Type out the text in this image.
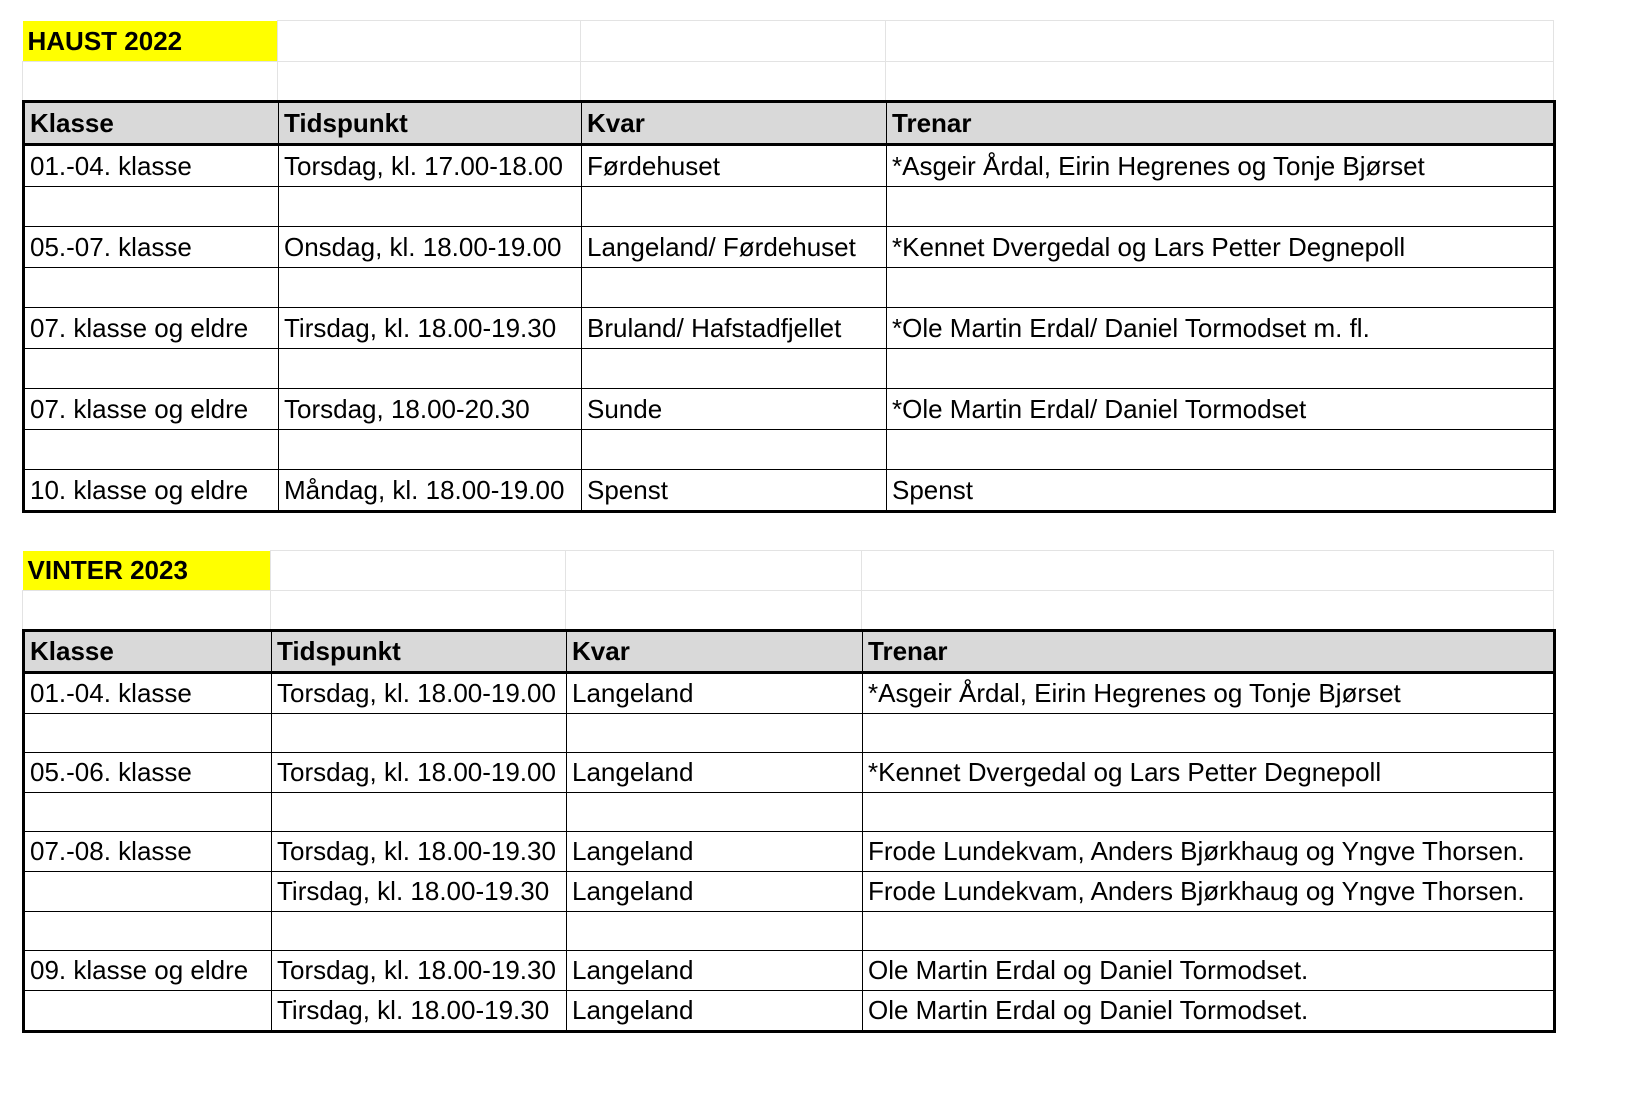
HAUST 2022			

Klasse	Tidspunkt	Kvar	Trenar
01.-04. klasse	Torsdag, kl. 17.00-18.00	Førdehuset	*Asgeir Årdal, Eirin Hegrenes og Tonje Bjørset

05.-07. klasse	Onsdag, kl. 18.00-19.00	Langeland/ Førdehuset	*Kennet Dvergedal og Lars Petter Degnepoll

07. klasse og eldre	Tirsdag, kl. 18.00-19.30	Bruland/ Hafstadfjellet	*Ole Martin Erdal/ Daniel Tormodset m. fl.

07. klasse og eldre	Torsdag, 18.00-20.30	Sunde	*Ole Martin Erdal/ Daniel Tormodset

10. klasse og eldre	Måndag, kl. 18.00-19.00	Spenst	Spenst
VINTER 2023			

Klasse	Tidspunkt	Kvar	Trenar
01.-04. klasse	Torsdag, kl. 18.00-19.00	Langeland	*Asgeir Årdal, Eirin Hegrenes og Tonje Bjørset

05.-06. klasse	Torsdag, kl. 18.00-19.00	Langeland	*Kennet Dvergedal og Lars Petter Degnepoll

07.-08. klasse	Torsdag, kl. 18.00-19.30	Langeland	Frode Lundekvam, Anders Bjørkhaug og Yngve Thorsen.
	Tirsdag, kl. 18.00-19.30	Langeland	Frode Lundekvam, Anders Bjørkhaug og Yngve Thorsen.

09. klasse og eldre	Torsdag, kl. 18.00-19.30	Langeland	Ole Martin Erdal og Daniel Tormodset.
	Tirsdag, kl. 18.00-19.30	Langeland	Ole Martin Erdal og Daniel Tormodset.
